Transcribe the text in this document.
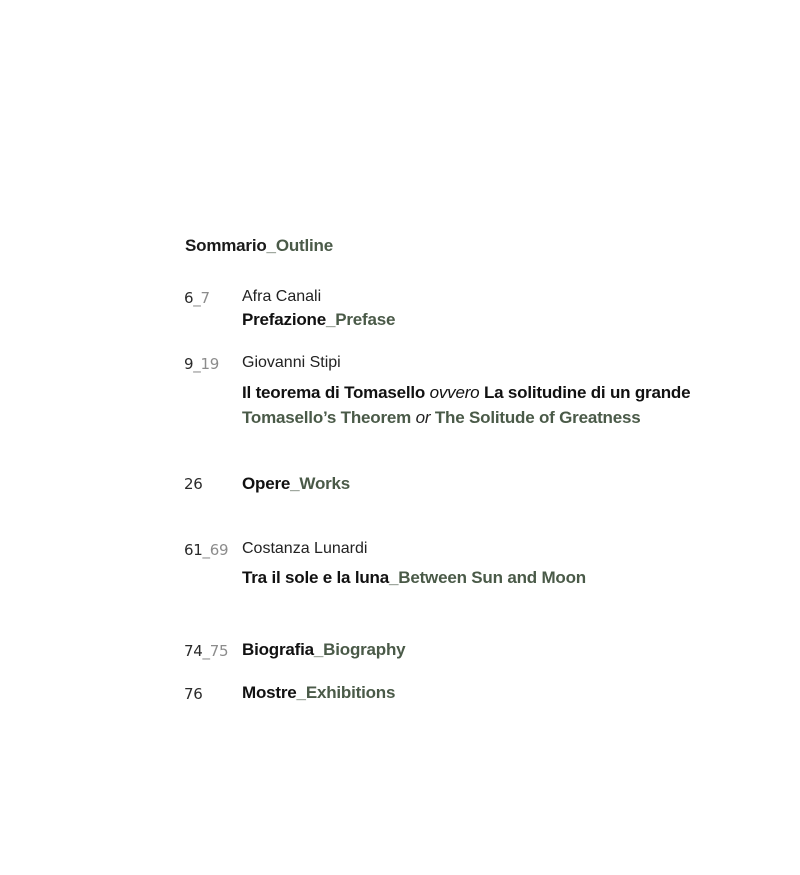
Sommario_Outline
6_7 Afra Canali
Prefazione_Prefase
9_19 Giovanni Stipi
Il teorema di Tomasello ovvero La solitudine di un grande
Tomasello’s Theorem or The Solitude of Greatness
26 Opere_Works
61_69 Costanza Lunardi
Tra il sole e la luna_Between Sun and Moon
74_75 Biografia_Biography
76 Mostre_Exhibitions
